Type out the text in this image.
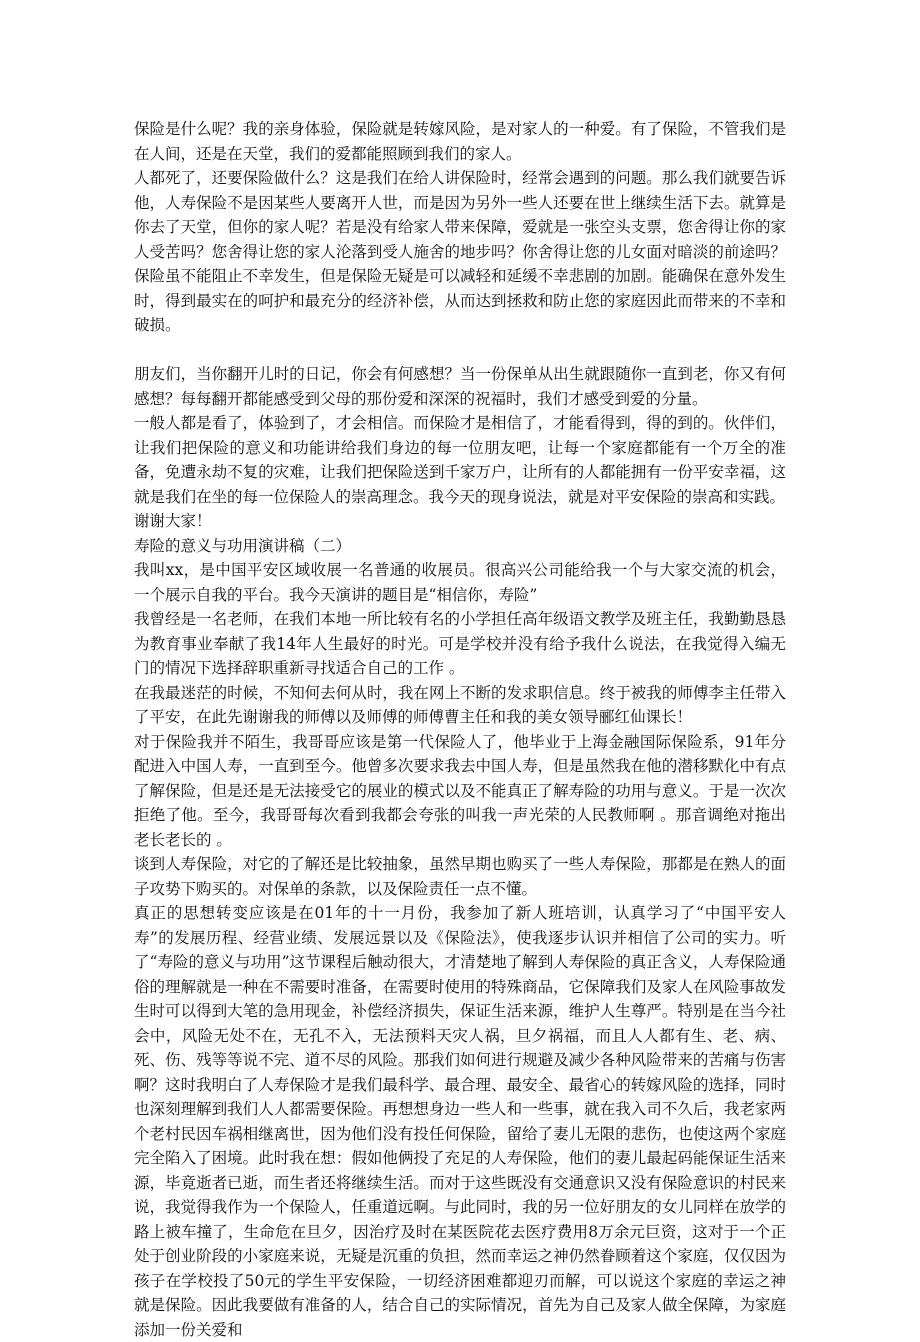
保险是什么呢？我的亲身体验，保险就是转嫁风险，是对家人的一种爱。有了保险，不管我们是在人间，还是在天堂，我们的爱都能照顾到我们的家人。

人都死了，还要保险做什么？这是我们在给人讲保险时，经常会遇到的问题。那么我们就要告诉他，人寿保险不是因某些人要离开人世，而是因为另外一些人还要在世上继续生活下去。就算是你去了天堂，但你的家人呢？若是没有给家人带来保障，爱就是一张空头支票，您舍得让你的家人受苦吗？您舍得让您的家人沦落到受人施舍的地步吗？你舍得让您的儿女面对暗淡的前途吗？保险虽不能阻止不幸发生，但是保险无疑是可以减轻和延缓不幸悲剧的加剧。能确保在意外发生时，得到最实在的呵护和最充分的经济补偿，从而达到拯救和防止您的家庭因此而带来的不幸和破损。

朋友们，当你翻开儿时的日记，你会有何感想？当一份保单从出生就跟随你一直到老，你又有何感想？每每翻开都能感受到父母的那份爱和深深的祝福时，我们才感受到爱的分量。

一般人都是看了，体验到了，才会相信。而保险才是相信了，才能看得到，得的到的。伙伴们，让我们把保险的意义和功能讲给我们身边的每一位朋友吧，让每一个家庭都能有一个万全的准备，免遭永劫不复的灾难，让我们把保险送到千家万户，让所有的人都能拥有一份平安幸福，这就是我们在坐的每一位保险人的崇高理念。我今天的现身说法，就是对平安保险的崇高和实践。

谢谢大家！

寿险的意义与功用演讲稿（二）

我叫xx，是中国平安区域收展一名普通的收展员。很高兴公司能给我一个与大家交流的机会，一个展示自我的平台。我今天演讲的题目是“相信你，寿险”

我曾经是一名老师，在我们本地一所比较有名的小学担任高年级语文教学及班主任，我勤勤恳恳为教育事业奉献了我14年人生最好的时光。可是学校并没有给予我什么说法，在我觉得入编无门的情况下选择辞职重新寻找适合自己的工作 。

在我最迷茫的时候，不知何去何从时，我在网上不断的发求职信息。终于被我的师傅李主任带入了平安，在此先谢谢我的师傅以及师傅的师傅曹主任和我的美女领导郦红仙课长！

对于保险我并不陌生，我哥哥应该是第一代保险人了，他毕业于上海金融国际保险系，91年分配进入中国人寿，一直到至今。他曾多次要求我去中国人寿，但是虽然我在他的潜移默化中有点了解保险，但是还是无法接受它的展业的模式以及不能真正了解寿险的功用与意义。于是一次次拒绝了他。至今，我哥哥每次看到我都会夸张的叫我一声光荣的人民教师啊 。那音调绝对拖出老长老长的 。

谈到人寿保险，对它的了解还是比较抽象，虽然早期也购买了一些人寿保险，那都是在熟人的面子攻势下购买的。对保单的条款，以及保险责任一点不懂。

真正的思想转变应该是在01年的十一月份，我参加了新人班培训，认真学习了“中国平安人寿”的发展历程、经营业绩、发展远景以及《保险法》，使我逐步认识并相信了公司的实力。听了“寿险的意义与功用”这节课程后触动很大，才清楚地了解到人寿保险的真正含义，人寿保险通俗的理解就是一种在不需要时准备，在需要时使用的特殊商品，它保障我们及家人在风险事故发生时可以得到大笔的急用现金，补偿经济损失，保证生活来源，维护人生尊严。特别是在当今社会中，风险无处不在，无孔不入，无法预料天灾人祸，旦夕祸福，而且人人都有生、老、病、死、伤、残等等说不完、道不尽的风险。那我们如何进行规避及减少各种风险带来的苦痛与伤害啊？这时我明白了人寿保险才是我们最科学、最合理、最安全、最省心的转嫁风险的选择，同时也深刻理解到我们人人都需要保险。再想想身边一些人和一些事，就在我入司不久后，我老家两个老村民因车祸相继离世，因为他们没有投任何保险，留给了妻儿无限的悲伤，也使这两个家庭完全陷入了困境。此时我在想：假如他俩投了充足的人寿保险，他们的妻儿最起码能保证生活来源，毕竟逝者已逝，而生者还将继续生活。而对于这些既没有交通意识又没有保险意识的村民来说，我觉得我作为一个保险人，任重道远啊。与此同时，我的另一位好朋友的女儿同样在放学的路上被车撞了，生命危在旦夕，因治疗及时在某医院花去医疗费用8万余元巨资，这对于一个正处于创业阶段的小家庭来说，无疑是沉重的负担，然而幸运之神仍然眷顾着这个家庭，仅仅因为孩子在学校投了50元的学生平安保险，一切经济困难都迎刃而解，可以说这个家庭的幸运之神就是保险。因此我要做有准备的人，结合自己的实际情况，首先为自己及家人做全保障，为家庭添加一份关爱和
